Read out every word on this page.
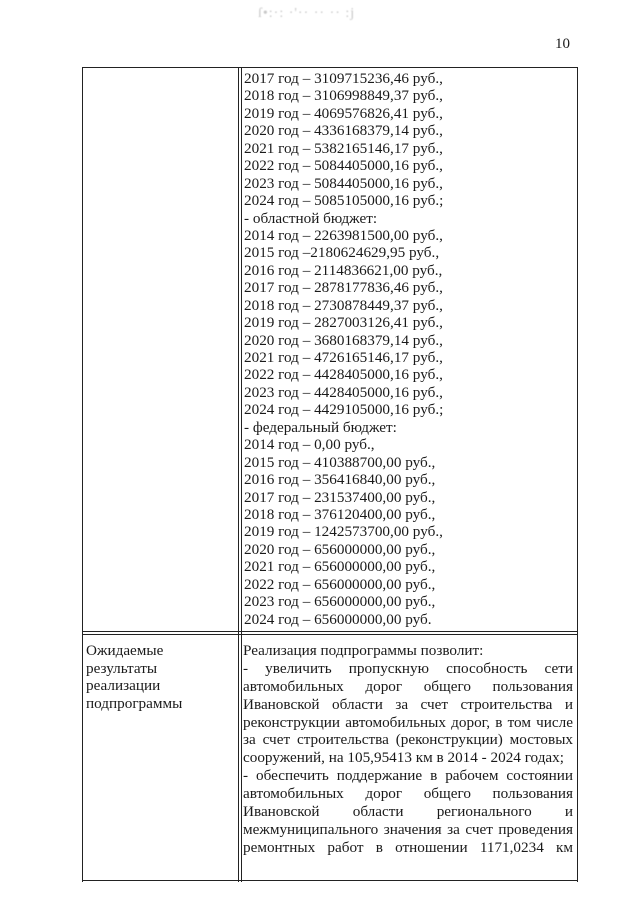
ſ•:·: ·'·· ·· ·· :j
10
2017 год – 3109715236,46 руб.,
2018 год – 3106998849,37 руб.,
2019 год – 4069576826,41 руб.,
2020 год – 4336168379,14 руб.,
2021 год – 5382165146,17 руб.,
2022 год – 5084405000,16 руб.,
2023 год – 5084405000,16 руб.,
2024 год – 5085105000,16 руб.;
- областной бюджет:
2014 год – 2263981500,00 руб.,
2015 год –2180624629,95 руб.,
2016 год – 2114836621,00 руб.,
2017 год – 2878177836,46 руб.,
2018 год – 2730878449,37 руб.,
2019 год – 2827003126,41 руб.,
2020 год – 3680168379,14 руб.,
2021 год – 4726165146,17 руб.,
2022 год – 4428405000,16 руб.,
2023 год – 4428405000,16 руб.,
2024 год – 4429105000,16 руб.;
- федеральный бюджет:
2014 год – 0,00 руб.,
2015 год – 410388700,00 руб.,
2016 год – 356416840,00 руб.,
2017 год – 231537400,00 руб.,
2018 год – 376120400,00 руб.,
2019 год – 1242573700,00 руб.,
2020 год – 656000000,00 руб.,
2021 год – 656000000,00 руб.,
2022 год – 656000000,00 руб.,
2023 год – 656000000,00 руб.,
2024 год – 656000000,00 руб.
Ожидаемые результаты
реализации
подпрограммы
Реализация подпрограммы позволит:
- увеличить пропускную способность сети
автомобильных дорог общего пользования
Ивановской области за счет строительства и
реконструкции автомобильных дорог, в том числе
за счет строительства (реконструкции) мостовых
сооружений, на 105,95413 км в 2014 - 2024 годах;
- обеспечить поддержание в рабочем состоянии
автомобильных дорог общего пользования
Ивановской области регионального и
межмуниципального значения за счет проведения
ремонтных работ в отношении 1171,0234 км
